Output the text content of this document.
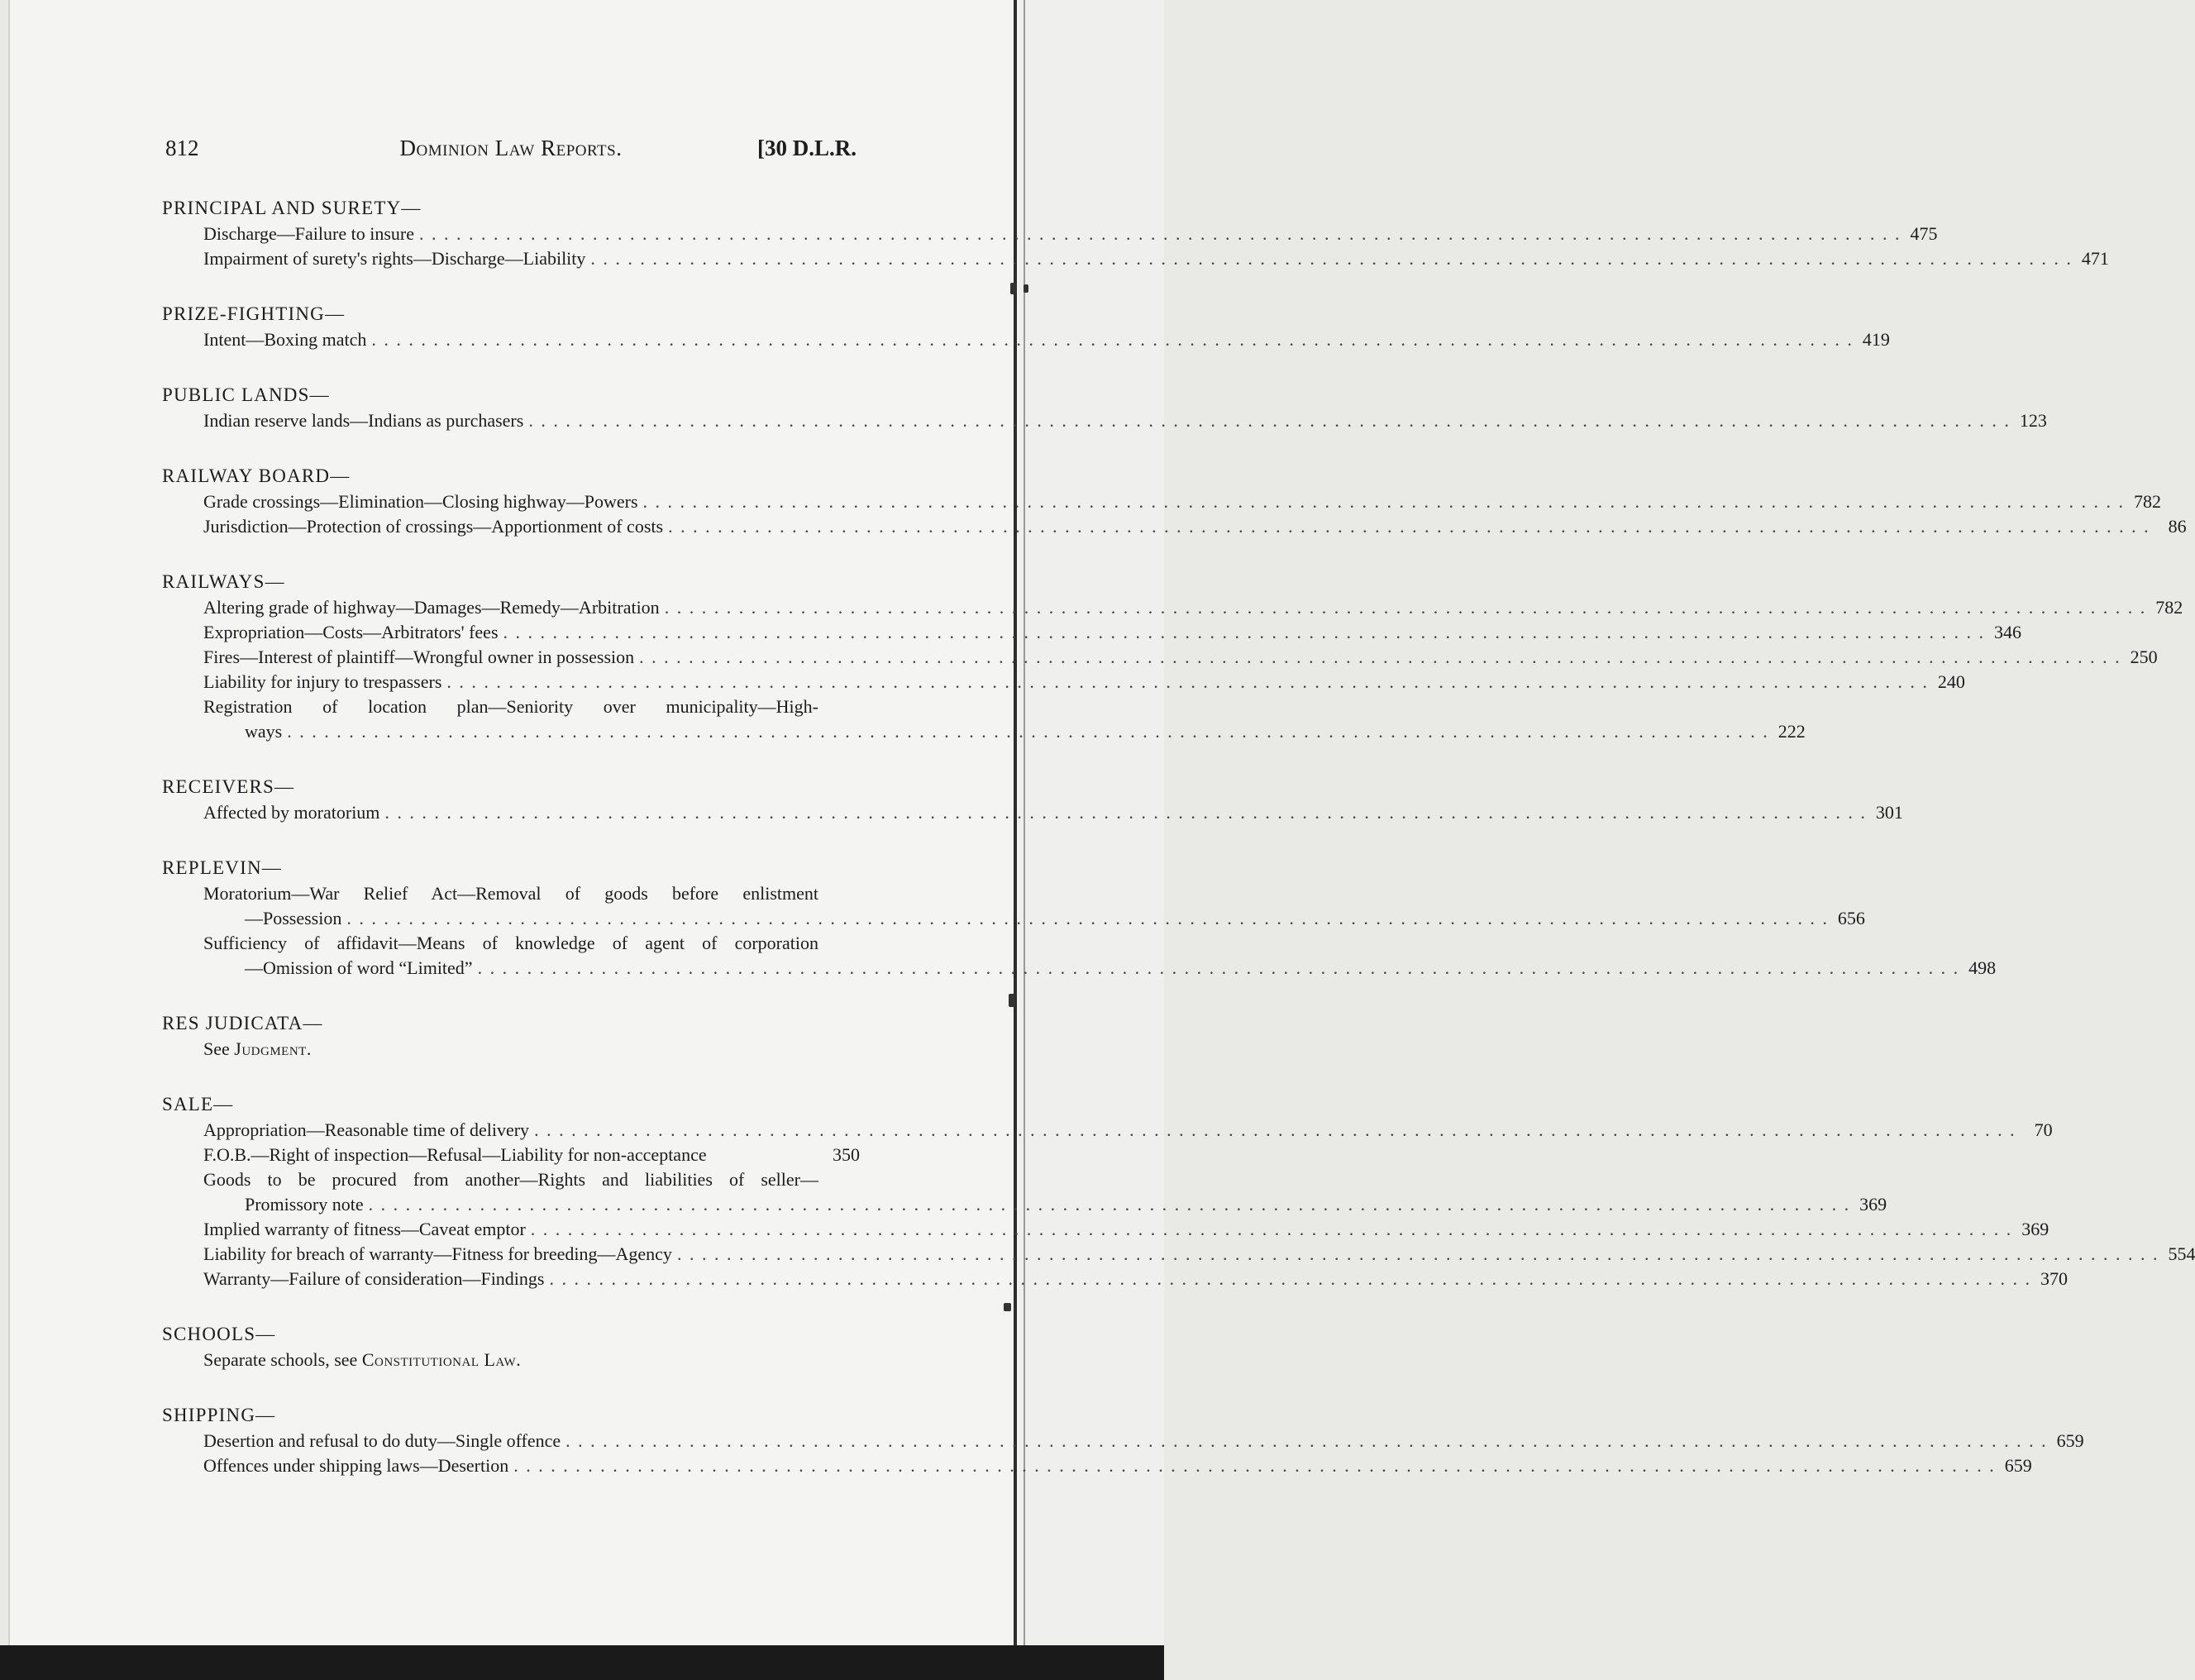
812	Dominion Law Reports.	[30 D.L.R.
PRINCIPAL AND SURETY—
Discharge—Failure to insure . . . . . . . . . . . . . . . . . . . . . . . . . . . . . . . . . . . . . . . . . . . . . . . . . . . . . . . . . . . . . . . . . . . . . . . . . . . . . . . . . . . . . . . . . . . . . . . . . . . . . . . . . . . . . . . . . . . . . . . . 475
Impairment of surety's rights—Discharge—Liability . . . . . . . . . . . . . . . . . . . . . . . . . . . . . . . . . . . . . . . . . . . . . . . . . . . . . . . . . . . . . . . . . . . . . . . . . . . . . . . . . . . . . . . . . . . . . . . . . . . . . . . . . . . . . . . . . . . . . . . . 471
PRIZE-FIGHTING—
Intent—Boxing match . . . . . . . . . . . . . . . . . . . . . . . . . . . . . . . . . . . . . . . . . . . . . . . . . . . . . . . . . . . . . . . . . . . . . . . . . . . . . . . . . . . . . . . . . . . . . . . . . . . . . . . . . . . . . . . . . . . . . . . . 419
PUBLIC LANDS—
Indian reserve lands—Indians as purchasers . . . . . . . . . . . . . . . . . . . . . . . . . . . . . . . . . . . . . . . . . . . . . . . . . . . . . . . . . . . . . . . . . . . . . . . . . . . . . . . . . . . . . . . . . . . . . . . . . . . . . . . . . . . . . . . . . . . . . . . . 123
RAILWAY BOARD—
Grade crossings—Elimination—Closing highway—Powers . . . . . . . . . . . . . . . . . . . . . . . . . . . . . . . . . . . . . . . . . . . . . . . . . . . . . . . . . . . . . . . . . . . . . . . . . . . . . . . . . . . . . . . . . . . . . . . . . . . . . . . . . . . . . . . . . . . . . . . . 782
Jurisdiction—Protection of crossings—Apportionment of costs . . . . . . . . . . . . . . . . . . . . . . . . . . . . . . . . . . . . . . . . . . . . . . . . . . . . . . . . . . . . . . . . . . . . . . . . . . . . . . . . . . . . . . . . . . . . . . . . . . . . . . . . . . . . . . . . . . . . . . . .	86
RAILWAYS—
Altering grade of highway—Damages—Remedy—Arbitration . . . . . . . . . . . . . . . . . . . . . . . . . . . . . . . . . . . . . . . . . . . . . . . . . . . . . . . . . . . . . . . . . . . . . . . . . . . . . . . . . . . . . . . . . . . . . . . . . . . . . . . . . . . . . . . . . . . . . . . . 782
Expropriation—Costs—Arbitrators' fees . . . . . . . . . . . . . . . . . . . . . . . . . . . . . . . . . . . . . . . . . . . . . . . . . . . . . . . . . . . . . . . . . . . . . . . . . . . . . . . . . . . . . . . . . . . . . . . . . . . . . . . . . . . . . . . . . . . . . . . . 346
Fires—Interest of plaintiff—Wrongful owner in possession . . . . . . . . . . . . . . . . . . . . . . . . . . . . . . . . . . . . . . . . . . . . . . . . . . . . . . . . . . . . . . . . . . . . . . . . . . . . . . . . . . . . . . . . . . . . . . . . . . . . . . . . . . . . . . . . . . . . . . . . 250
Liability for injury to trespassers . . . . . . . . . . . . . . . . . . . . . . . . . . . . . . . . . . . . . . . . . . . . . . . . . . . . . . . . . . . . . . . . . . . . . . . . . . . . . . . . . . . . . . . . . . . . . . . . . . . . . . . . . . . . . . . . . . . . . . . . 240
Registration of location plan—Seniority over municipality—High-
ways . . . . . . . . . . . . . . . . . . . . . . . . . . . . . . . . . . . . . . . . . . . . . . . . . . . . . . . . . . . . . . . . . . . . . . . . . . . . . . . . . . . . . . . . . . . . . . . . . . . . . . . . . . . . . . . . . . . . . . . . 222
RECEIVERS—
Affected by moratorium . . . . . . . . . . . . . . . . . . . . . . . . . . . . . . . . . . . . . . . . . . . . . . . . . . . . . . . . . . . . . . . . . . . . . . . . . . . . . . . . . . . . . . . . . . . . . . . . . . . . . . . . . . . . . . . . . . . . . . . . 301
REPLEVIN—
Moratorium—War Relief Act—Removal of goods before enlistment
—Possession . . . . . . . . . . . . . . . . . . . . . . . . . . . . . . . . . . . . . . . . . . . . . . . . . . . . . . . . . . . . . . . . . . . . . . . . . . . . . . . . . . . . . . . . . . . . . . . . . . . . . . . . . . . . . . . . . . . . . . . . 656
Sufficiency of affidavit—Means of knowledge of agent of corporation
—Omission of word “Limited” . . . . . . . . . . . . . . . . . . . . . . . . . . . . . . . . . . . . . . . . . . . . . . . . . . . . . . . . . . . . . . . . . . . . . . . . . . . . . . . . . . . . . . . . . . . . . . . . . . . . . . . . . . . . . . . . . . . . . . . . 498
RES JUDICATA—
See Judgment.
SALE—
Appropriation—Reasonable time of delivery . . . . . . . . . . . . . . . . . . . . . . . . . . . . . . . . . . . . . . . . . . . . . . . . . . . . . . . . . . . . . . . . . . . . . . . . . . . . . . . . . . . . . . . . . . . . . . . . . . . . . . . . . . . . . . . . . . . . . . . .	70
F.O.B.—Right of inspection—Refusal—Liability for non-acceptance	350
Goods to be procured from another—Rights and liabilities of seller—
Promissory note . . . . . . . . . . . . . . . . . . . . . . . . . . . . . . . . . . . . . . . . . . . . . . . . . . . . . . . . . . . . . . . . . . . . . . . . . . . . . . . . . . . . . . . . . . . . . . . . . . . . . . . . . . . . . . . . . . . . . . . . 369
Implied warranty of fitness—Caveat emptor . . . . . . . . . . . . . . . . . . . . . . . . . . . . . . . . . . . . . . . . . . . . . . . . . . . . . . . . . . . . . . . . . . . . . . . . . . . . . . . . . . . . . . . . . . . . . . . . . . . . . . . . . . . . . . . . . . . . . . . . 369
Liability for breach of warranty—Fitness for breeding—Agency . . . . . . . . . . . . . . . . . . . . . . . . . . . . . . . . . . . . . . . . . . . . . . . . . . . . . . . . . . . . . . . . . . . . . . . . . . . . . . . . . . . . . . . . . . . . . . . . . . . . . . . . . . . . . . . . . . . . . . . . 554
Warranty—Failure of consideration—Findings . . . . . . . . . . . . . . . . . . . . . . . . . . . . . . . . . . . . . . . . . . . . . . . . . . . . . . . . . . . . . . . . . . . . . . . . . . . . . . . . . . . . . . . . . . . . . . . . . . . . . . . . . . . . . . . . . . . . . . . . 370
SCHOOLS—
Separate schools, see Constitutional Law.
SHIPPING—
Desertion and refusal to do duty—Single offence . . . . . . . . . . . . . . . . . . . . . . . . . . . . . . . . . . . . . . . . . . . . . . . . . . . . . . . . . . . . . . . . . . . . . . . . . . . . . . . . . . . . . . . . . . . . . . . . . . . . . . . . . . . . . . . . . . . . . . . . 659
Offences under shipping laws—Desertion . . . . . . . . . . . . . . . . . . . . . . . . . . . . . . . . . . . . . . . . . . . . . . . . . . . . . . . . . . . . . . . . . . . . . . . . . . . . . . . . . . . . . . . . . . . . . . . . . . . . . . . . . . . . . . . . . . . . . . . . 659
